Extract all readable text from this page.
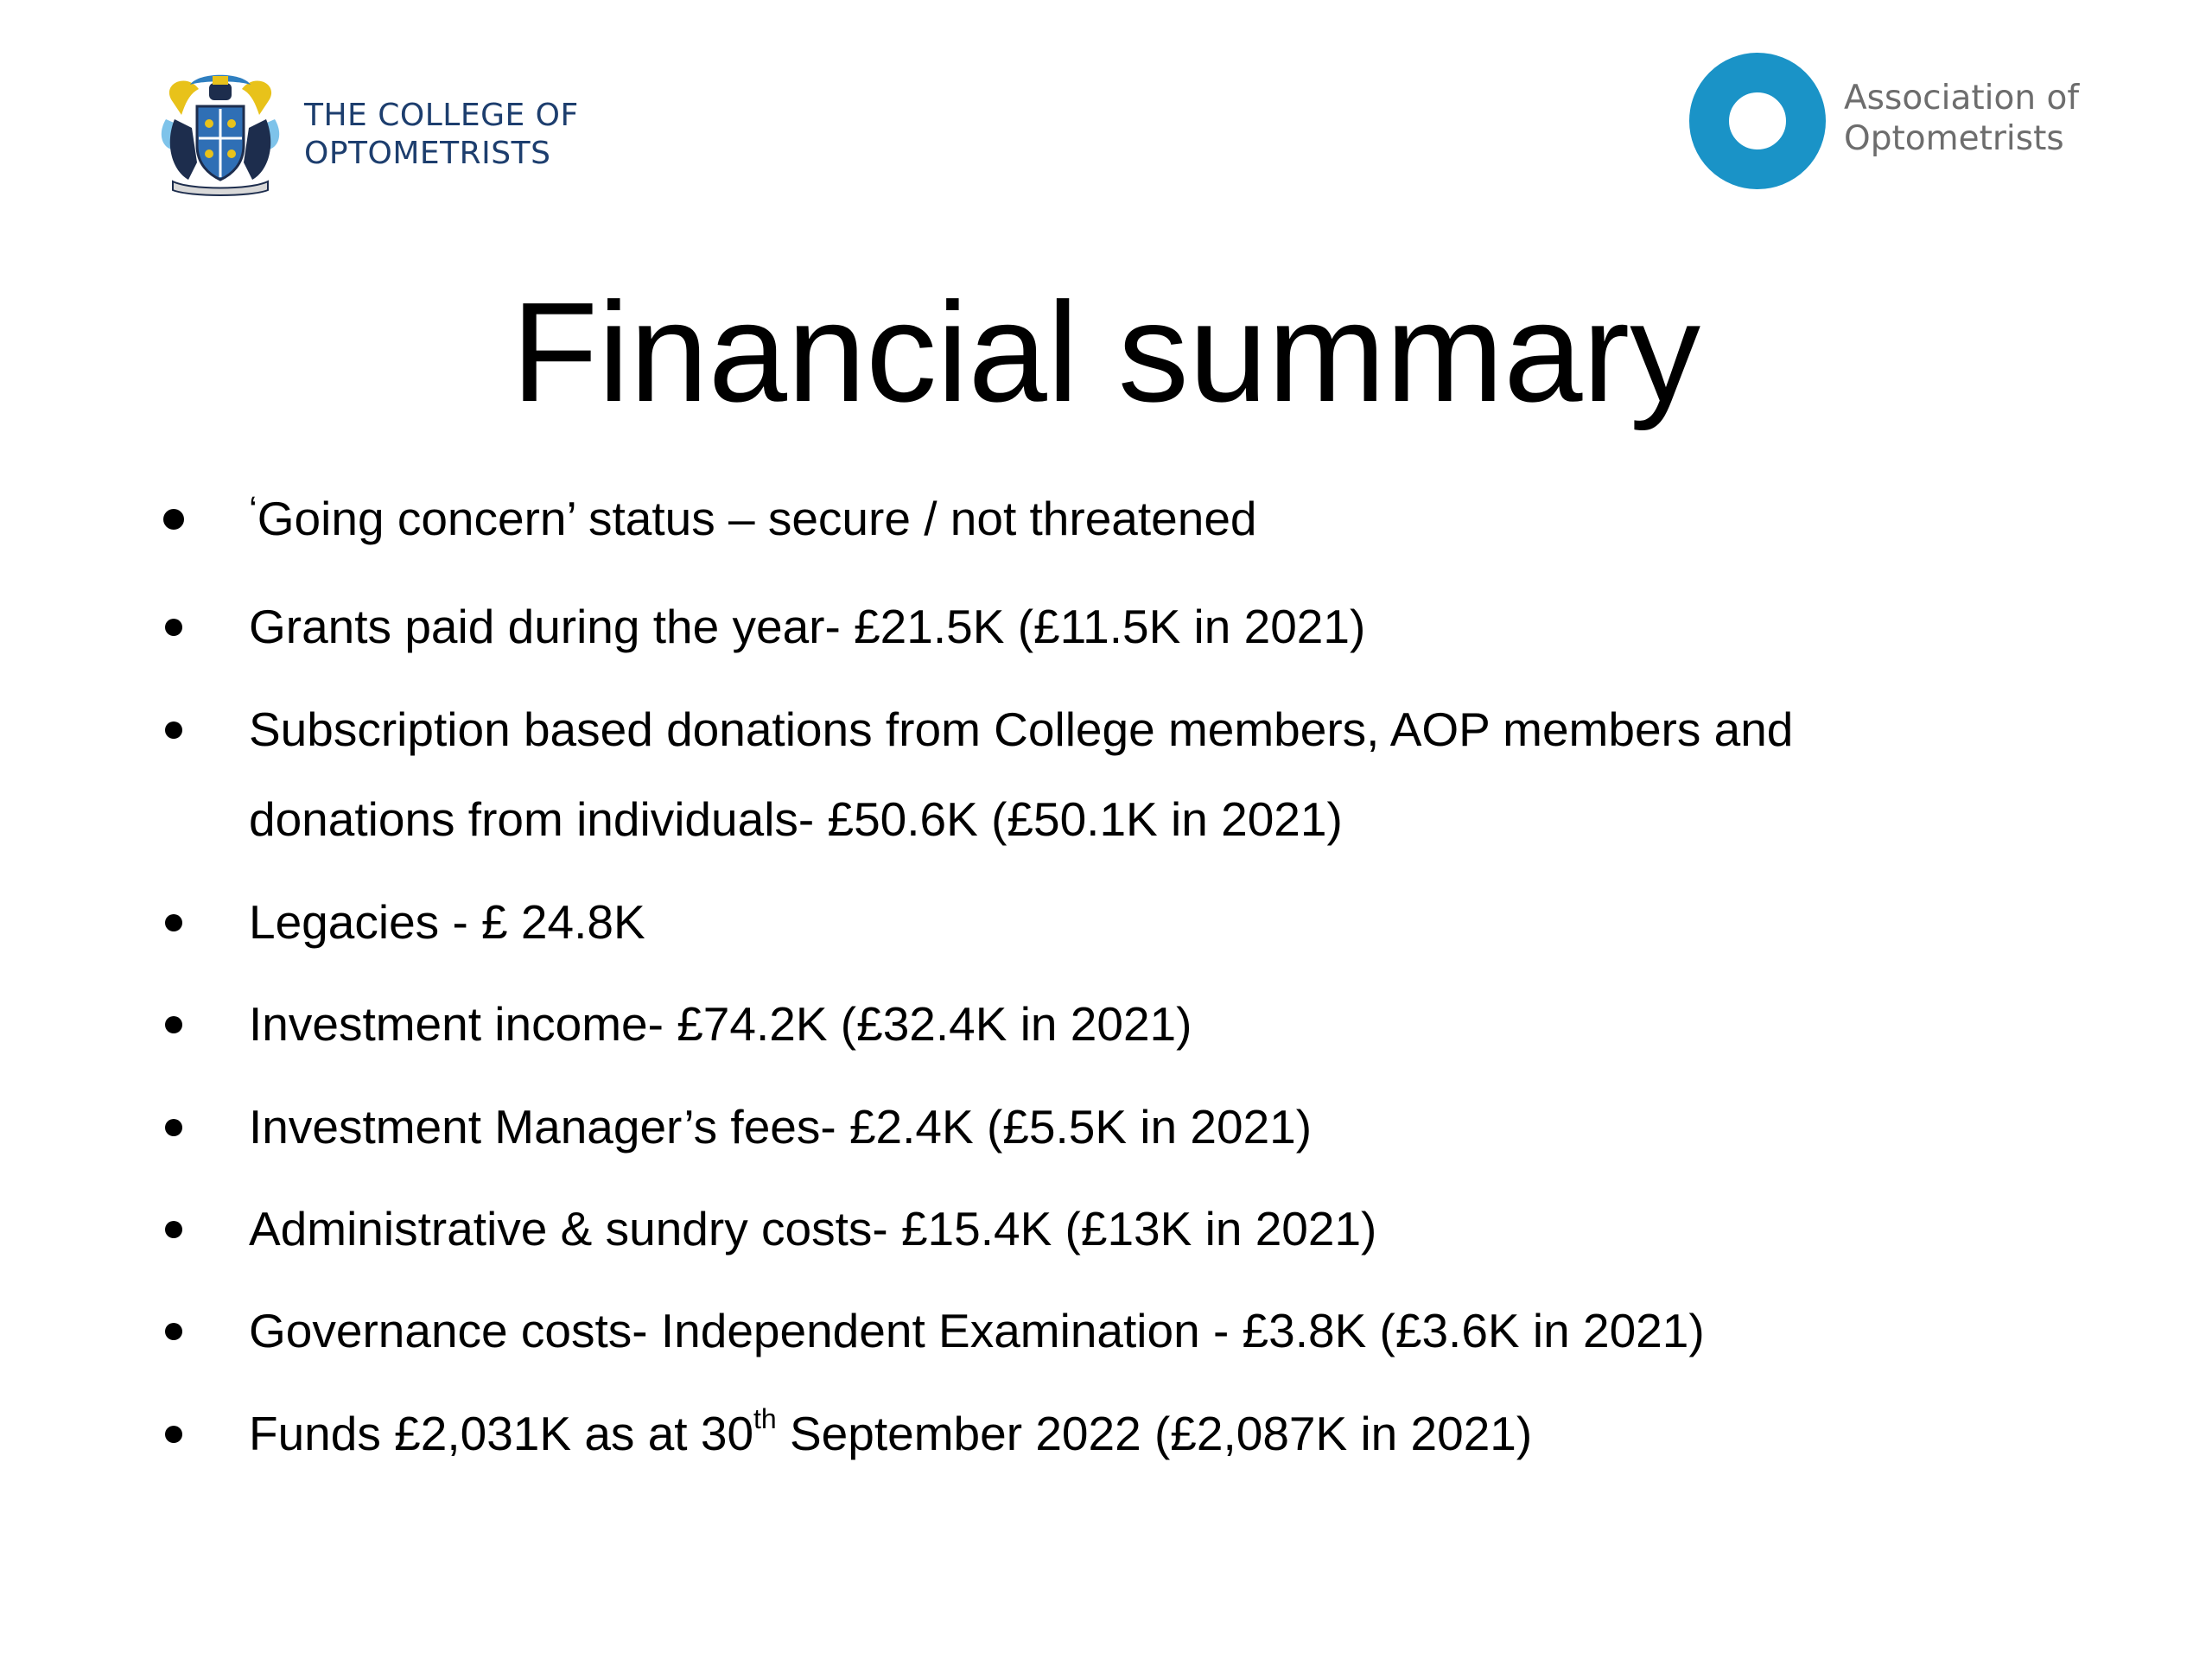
THE COLLEGE OF
OPTOMETRISTS
Association of
Optometrists
Financial summary
‘Going concern’ status – secure / not threatened
Grants paid during the year- £21.5K (£11.5K in 2021)
Subscription based donations from College members, AOP members and
donations from individuals- £50.6K (£50.1K in 2021)
Legacies - £ 24.8K
Investment income- £74.2K (£32.4K in 2021)
Investment Manager’s fees- £2.4K (£5.5K in 2021)
Administrative & sundry costs- £15.4K (£13K in 2021)
Governance costs- Independent Examination - £3.8K (£3.6K in 2021)
Funds £2,031K as at 30th September 2022 (£2,087K in 2021)
